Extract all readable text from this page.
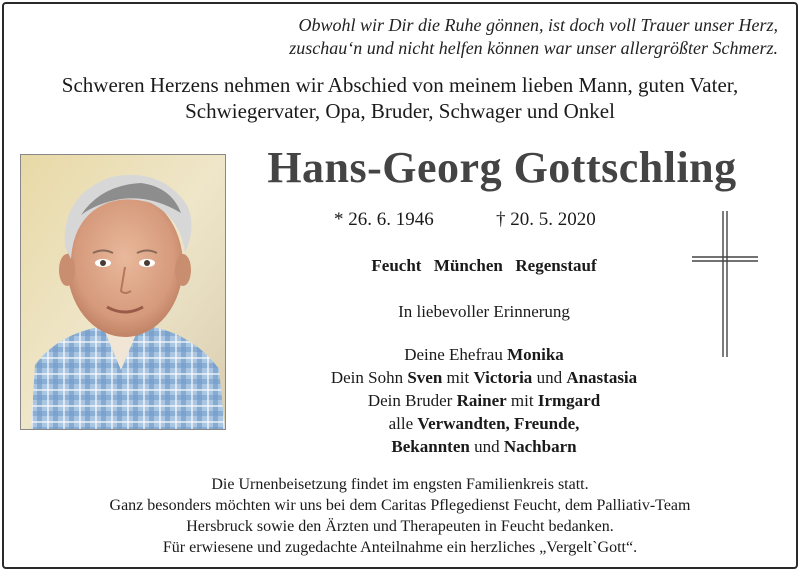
Obwohl wir Dir die Ruhe gönnen, ist doch voll Trauer unser Herz,
zuschau‘n und nicht helfen können war unser allergrößter Schmerz.
Schweren Herzens nehmen wir Abschied von meinem lieben Mann, guten Vater,
Schwiegervater, Opa, Bruder, Schwager und Onkel
Hans-Georg Gottschling
* 26. 6. 1946	† 20. 5. 2020
Feucht  München  Regenstauf
In liebevoller Erinnerung
Deine Ehefrau Monika
Dein Sohn Sven mit Victoria und Anastasia
Dein Bruder Rainer mit Irmgard
alle Verwandten, Freunde,
Bekannten und Nachbarn
Die Urnenbeisetzung findet im engsten Familienkreis statt.
Ganz besonders möchten wir uns bei dem Caritas Pflegedienst Feucht, dem Palliativ-Team
Hersbruck sowie den Ärzten und Therapeuten in Feucht bedanken.
Für erwiesene und zugedachte Anteilnahme ein herzliches „Vergelt`Gott“.
